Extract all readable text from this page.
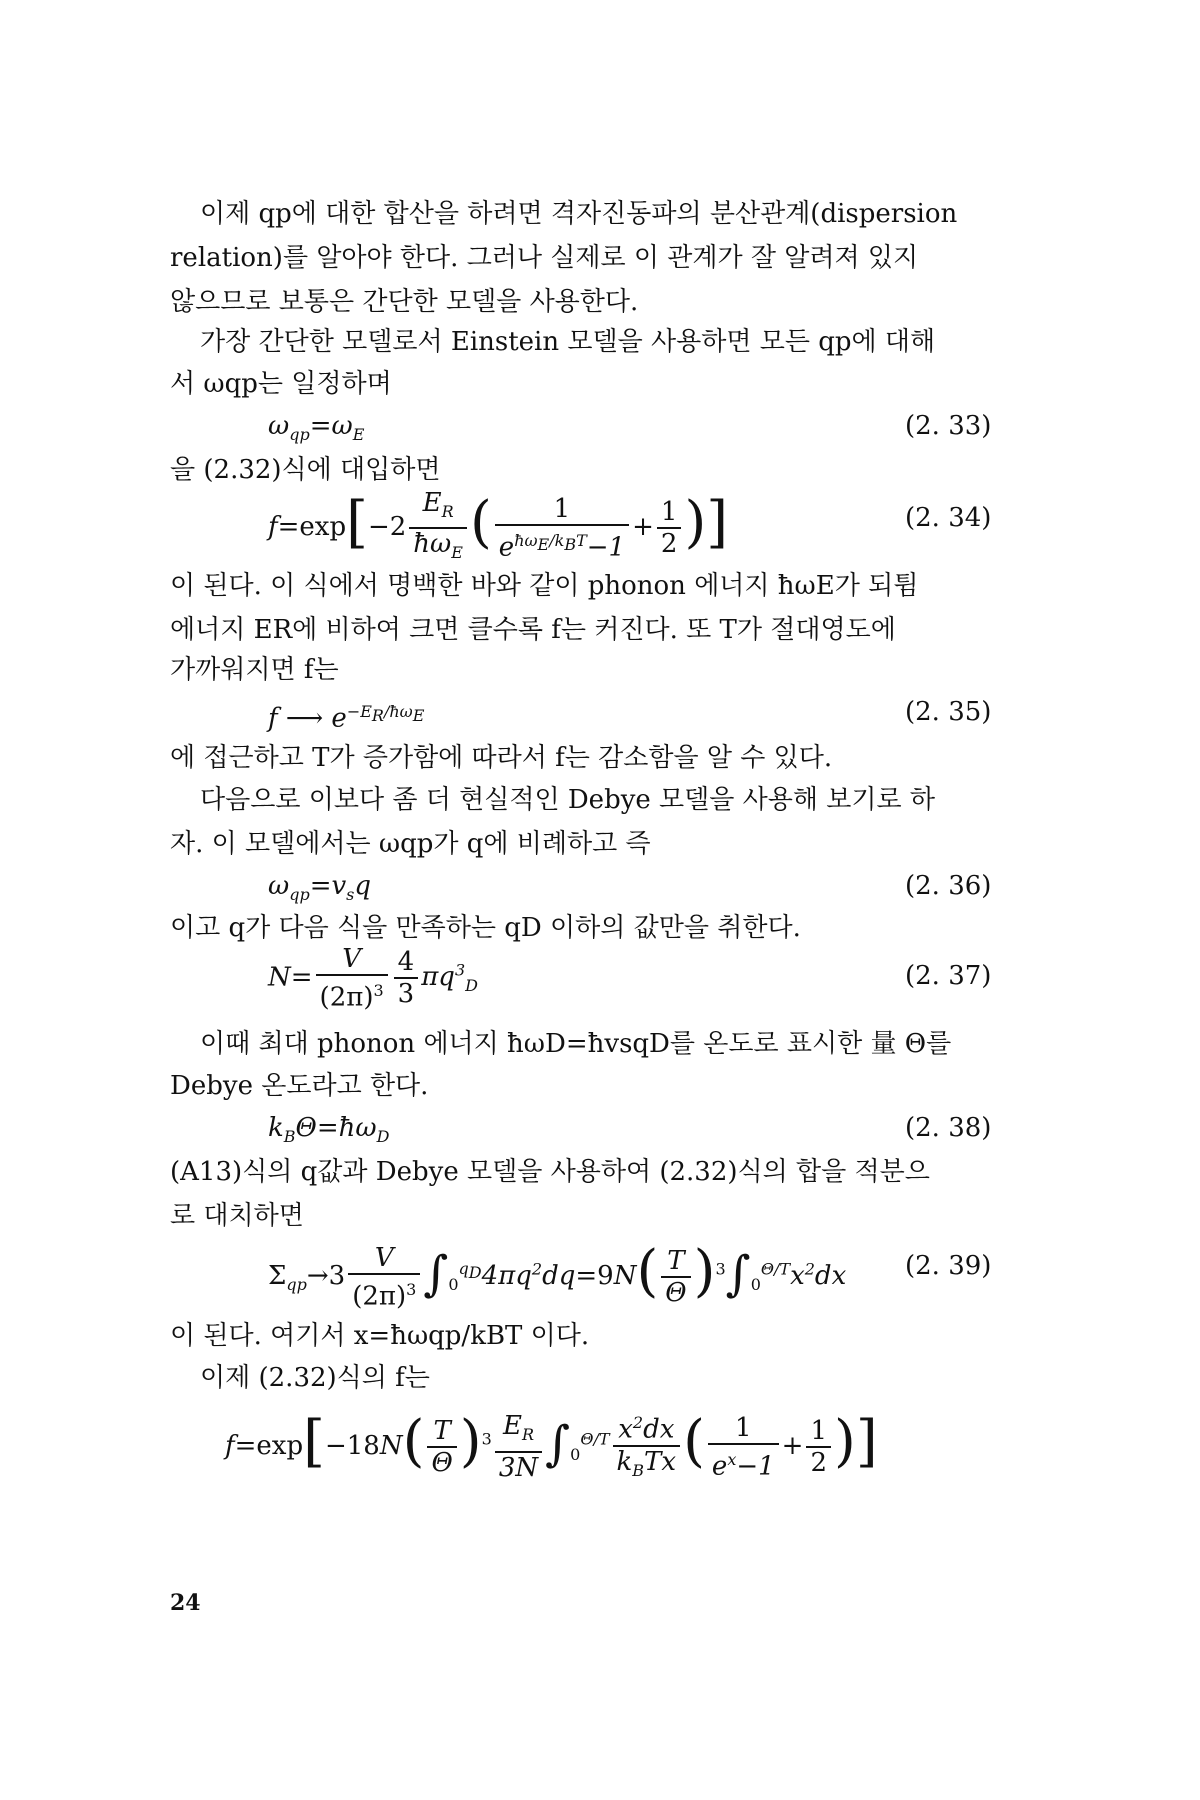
이제 qp에 대한 합산을 하려면 격자진동파의 분산관계(dispersion
relation)를 알아야 한다. 그러나 실제로 이 관계가 잘 알려져 있지
않으므로 보통은 간단한 모델을 사용한다.
가장 간단한 모델로서 Einstein 모델을 사용하면 모든 qp에 대해
서 ωqp는 일정하며
$\omega_{qp}=\omega_E$	(2. 33)
을 (2.32)식에 대입하면
$f=\exp[-2 \frac{E_R}{ħ\omega_E}$ ( $\frac{1}{e^{ħ\omega_E/k_BT}-1} + \frac{1}{2}$ )]	(2. 34)
이 된다. 이 식에서 명백한 바와 같이 phonon 에너지 ħωE가 되튐
에너지 ER에 비하여 크면 클수록 f는 커진다. 또 T가 절대영도에
가까워지면 f는
f ⟶ $e^{-E_R/ħ\omega_E}$	(2. 35)
에 접근하고 T가 증가함에 따라서 f는 감소함을 알 수 있다.
다음으로 이보다 좀 더 현실적인 Debye 모델을 사용해 보기로 하
자. 이 모델에서는 ωqp가 q에 비례하고 즉
$\omega_{qp}=v_sq$	(2. 36)
이고 q가 다음 식을 만족하는 qD 이하의 값만을 취한다.
$N= \frac{V}{(2\pi)^3} \frac{4}{3} \pi q^3_D$	(2. 37)
이때 최대 phonon 에너지 ħωD=ħvsqD를 온도로 표시한 量 Θ를
Debye 온도라고 한다.
$k_B\Theta=ħ\omega_D$	(2. 38)
(A13)식의 q값과 Debye 모델을 사용하여 (2.32)식의 합을 적분으
로 대치하면
$\Sigma_{qp}\to 3 \frac{V}{(2\pi)^3} \int_0^{q_D}4\pi q^2dq=9N( \frac{T}{\Theta} )^3\int_0^{\Theta/T}x^2dx$ (2. 39)
이 된다. 여기서 x=ħωqp/kBT 이다.
이제 (2.32)식의 f는
$f=\exp[-18N( \frac{T}{\Theta} )^3 \frac{E_R}{3N} \int_0^{\Theta/T} \frac{x^2dx}{k_BTx}$ ( $\frac{1}{e^x-1} + \frac{1}{2}$ )]
24
